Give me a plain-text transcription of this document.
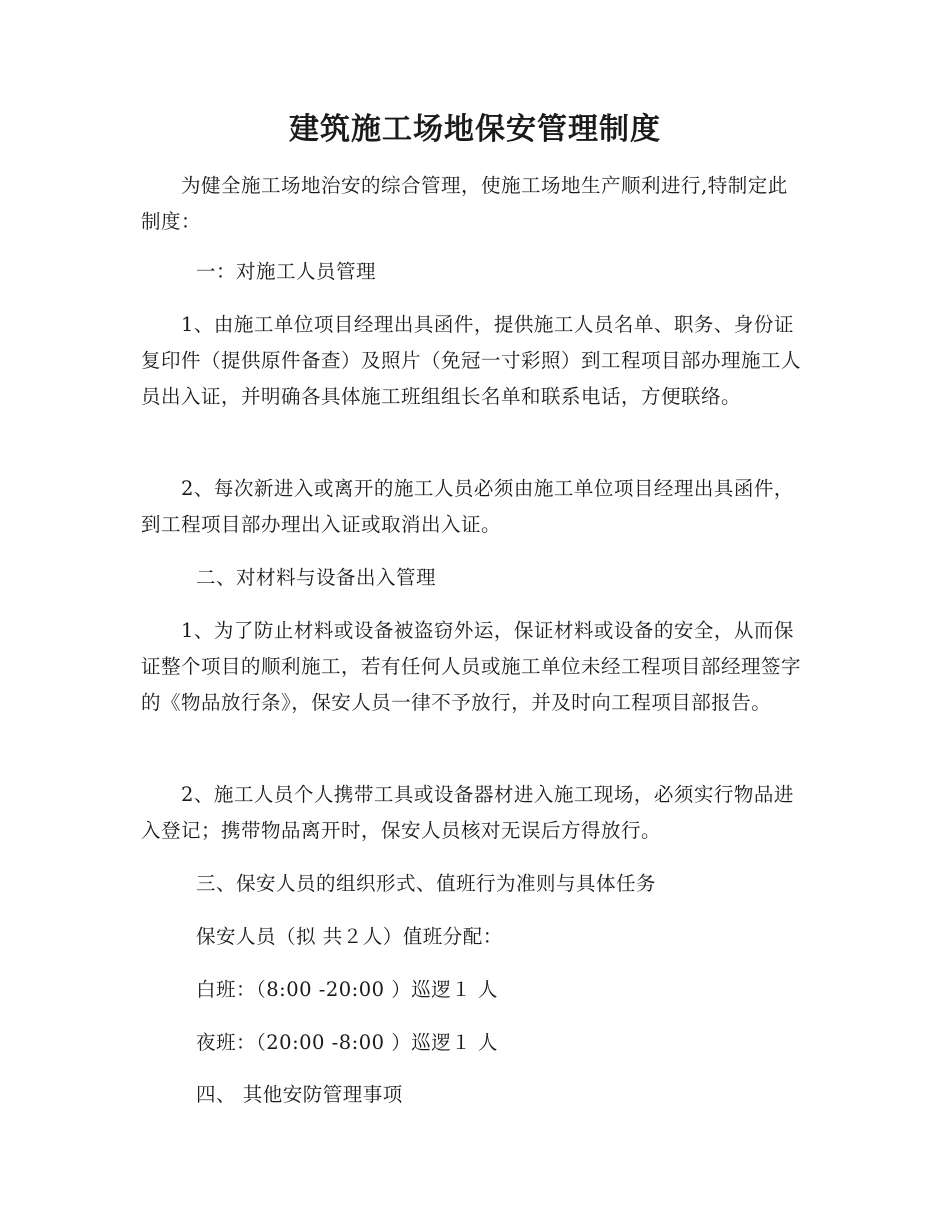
建筑施工场地保安管理制度

为健全施工场地治安的综合管理，使施工场地生产顺利进行,特制定此制度：

一：对施工人员管理

1、由施工单位项目经理出具函件，提供施工人员名单、职务、身份证复印件（提供原件备查）及照片（免冠一寸彩照）到工程项目部办理施工人员出入证，并明确各具体施工班组组长名单和联系电话，方便联络。

2、每次新进入或离开的施工人员必须由施工单位项目经理出具函件，到工程项目部办理出入证或取消出入证。

二、对材料与设备出入管理

1、为了防止材料或设备被盗窃外运，保证材料或设备的安全，从而保证整个项目的顺利施工，若有任何人员或施工单位未经工程项目部经理签字的《物品放行条》，保安人员一律不予放行，并及时向工程项目部报告。

2、施工人员个人携带工具或设备器材进入施工现场，必须实行物品进入登记；携带物品离开时，保安人员核对无误后方得放行。

三、保安人员的组织形式、值班行为准则与具体任务
保安人员（拟 共２人）值班分配：
白班：（8:00 -20:00 ）巡逻１ 人
夜班：（20:00 -8:00 ）巡逻１ 人
四、 其他安防管理事项
